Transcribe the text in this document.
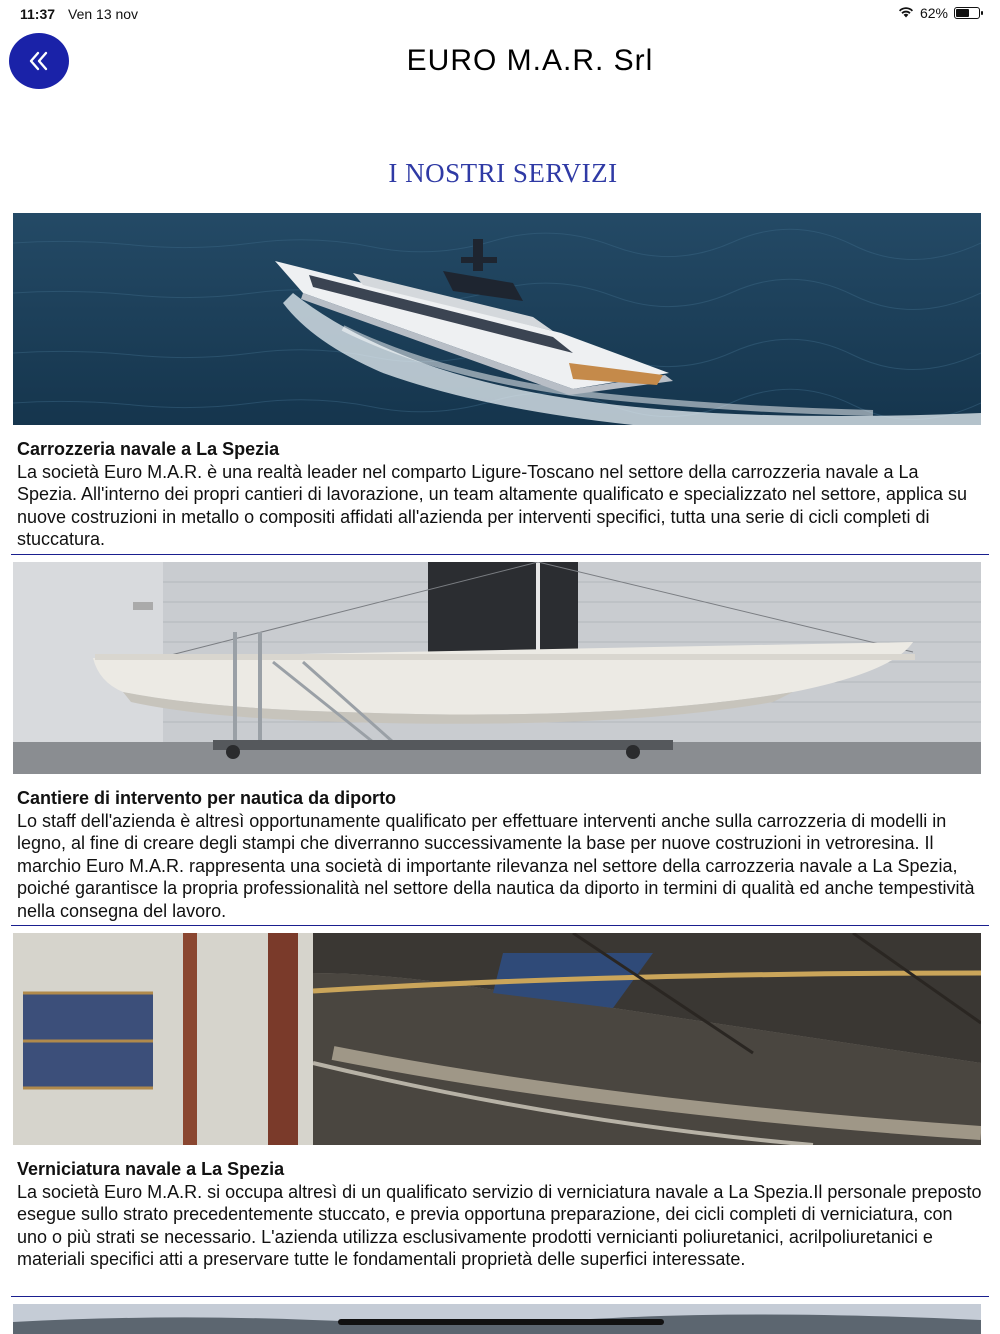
11:37 Ven 13 nov	62%
EURO M.A.R. Srl
I NOSTRI SERVIZI
Carrozzeria navale a La Spezia
La società Euro M.A.R. è una realtà leader nel comparto Ligure-Toscano nel settore della carrozzeria navale a La Spezia. All'interno dei propri cantieri di lavorazione, un team altamente qualificato e specializzato nel settore, applica su nuove costruzioni in metallo o compositi affidati all'azienda per interventi specifici, tutta una serie di cicli completi di stuccatura.
Cantiere di intervento per nautica da diporto
Lo staff dell'azienda è altresì opportunamente qualificato per effettuare interventi anche sulla carrozzeria di modelli in legno, al fine di creare degli stampi che diverranno successivamente la base per nuove costruzioni in vetroresina. Il marchio Euro M.A.R. rappresenta una società di importante rilevanza nel settore della carrozzeria navale a La Spezia, poiché garantisce la propria professionalità nel settore della nautica da diporto in termini di qualità ed anche tempestività nella consegna del lavoro.
Verniciatura navale a La Spezia
La società Euro M.A.R. si occupa altresì di un qualificato servizio di verniciatura navale a La Spezia.Il personale preposto esegue sullo strato precedentemente stuccato, e previa opportuna preparazione, dei cicli completi di verniciatura, con uno o più strati se necessario. L'azienda utilizza esclusivamente prodotti vernicianti poliuretanici, acrilpoliuretanici e materiali specifici atti a preservare tutte le fondamentali proprietà delle superfici interessate.
